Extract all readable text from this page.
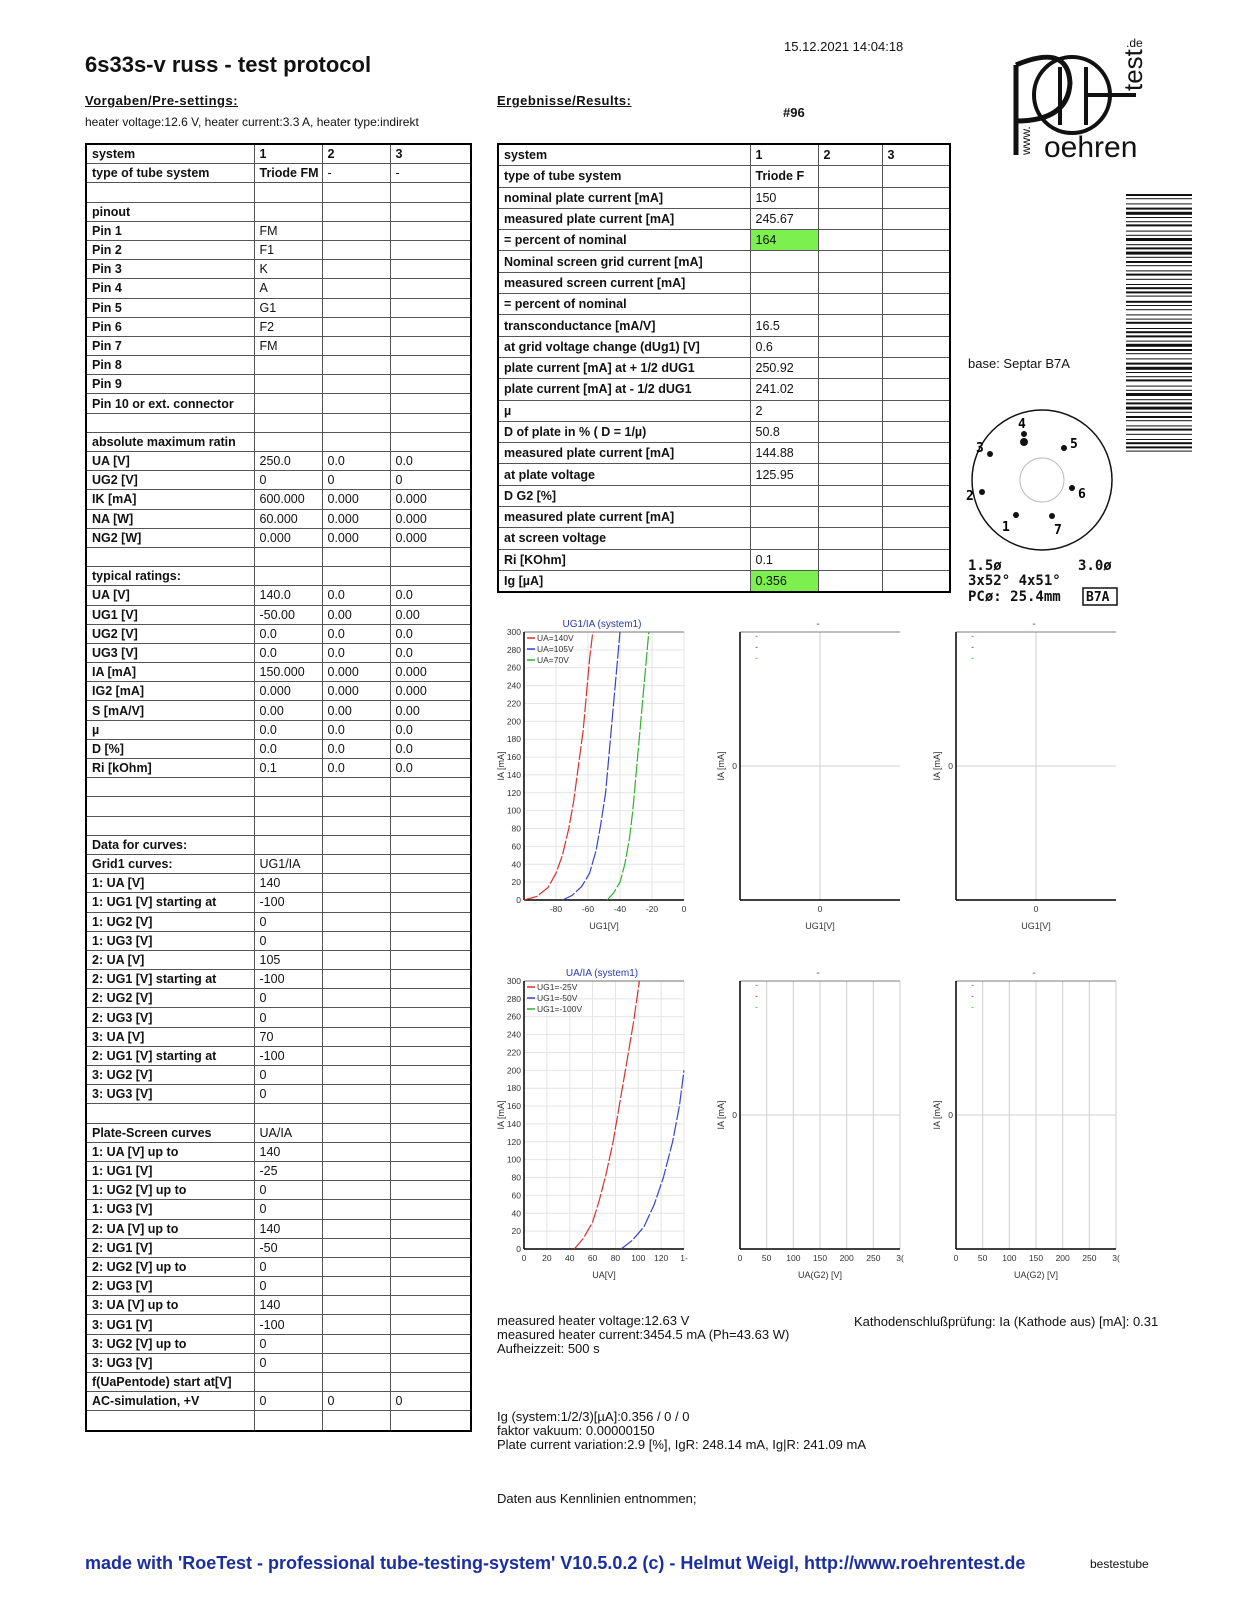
6s33s-v russ - test protocol
15.12.2021 14:04:18
Vorgaben/Pre-settings:
heater voltage:12.6 V, heater current:3.3 A, heater type:indirekt
Ergebnisse/Results:
#96
system	1	2	3
type of tube system	Triode FM	-	-

pinout			
Pin 1	FM		
Pin 2	F1		
Pin 3	K		
Pin 4	A		
Pin 5	G1		
Pin 6	F2		
Pin 7	FM		
Pin 8			
Pin 9			
Pin 10 or ext. connector			

absolute maximum ratin			
UA [V]	250.0	0.0	0.0
UG2 [V]	0	0	0
IK [mA]	600.000	0.000	0.000
NA [W]	60.000	0.000	0.000
NG2 [W]	0.000	0.000	0.000

typical ratings:			
UA [V]	140.0	0.0	0.0
UG1 [V]	-50.00	0.00	0.00
UG2 [V]	0.0	0.0	0.0
UG3 [V]	0.0	0.0	0.0
IA [mA]	150.000	0.000	0.000
IG2 [mA]	0.000	0.000	0.000
S [mA/V]	0.00	0.00	0.00
µ	0.0	0.0	0.0
D [%]	0.0	0.0	0.0
Ri [kOhm]	0.1	0.0	0.0

Data for curves:			
Grid1 curves:	UG1/IA		
1: UA [V]	140		
1: UG1 [V] starting at	-100		
1: UG2 [V]	0		
1: UG3 [V]	0		
2: UA [V]	105		
2: UG1 [V] starting at	-100		
2: UG2 [V]	0		
2: UG3 [V]	0		
3: UA [V]	70		
2: UG1 [V] starting at	-100		
3: UG2 [V]	0		
3: UG3 [V]	0		

Plate-Screen curves	UA/IA		
1: UA [V] up to	140		
1: UG1 [V]	-25		
1: UG2 [V] up to	0		
1: UG3 [V]	0		
2: UA [V] up to	140		
2: UG1 [V]	-50		
2: UG2 [V] up to	0		
2: UG3 [V]	0		
3: UA [V] up to	140		
3: UG1 [V]	-100		
3: UG2 [V] up to	0		
3: UG3 [V]	0		
f(UaPentode) start at[V]			
AC-simulation, +V	0	0	0

system	1	2	3
type of tube system	Triode F		
nominal plate current [mA]	150		
measured plate current [mA]	245.67		
= percent of nominal	164		
Nominal screen grid current [mA]			
measured screen current [mA]			
= percent of nominal			
transconductance [mA/V]	16.5		
at grid voltage change (dUg1) [V]	0.6		
plate current [mA] at + 1/2 dUG1	250.92		
plate current [mA] at - 1/2 dUG1	241.02		
µ	2		
D of plate in % ( D = 1/µ)	50.8		
measured plate current [mA]	144.88		
at plate voltage	125.95		
D G2 [%]			
measured plate current [mA]			
at screen voltage			
Ri [KOhm]	0.1		
Ig [µA]	0.356		
oehren
www.
test
.de
base: Septar B7A
1
2
3
4
5
6
7
1.5ø	3.0ø
3x52° 4x51°
PCø: 25.4mm B7A
UG1/IA (system1)
IA [mA]
UG1[V]
0
20
40
60
80
100
120
140
160
180
200
220
240
260
280
300
-80 -60 -40 -20	0
UA=140V
UA=105V
UA=70V
-
IA [mA]
UG1[V]
0
0
-
-
-
-
IA [mA]
UG1[V]
0
0
-
-
-
UA/IA (system1)
IA [mA]
UA[V]
0
20
40
60
80
100
120
140
160
180
200
220
240
260
280
300
0 20 40 60 80 100 120 1-
UG1=-25V
UG1=-50V
UG1=-100V
-
IA [mA]
UA(G2) [V]
0
0 50 100 150 200 250 3(
-
-
-
-
IA [mA]
UA(G2) [V]
0
0 50 100 150 200 250 3(
-
-
-
measured heater voltage:12.63 V
measured heater current:3454.5 mA (Ph=43.63 W)
Aufheizzeit: 500 s
Kathodenschlußprüfung: Ia (Kathode aus) [mA]: 0.31
Ig (system:1/2/3)[µA]:0.356 / 0 / 0
faktor vakuum: 0.00000150
Plate current variation:2.9 [%], IgR: 248.14 mA, Ig|R: 241.09 mA
Daten aus Kennlinien entnommen;
made with 'RoeTest - professional tube-testing-system' V10.5.0.2 (c) - Helmut Weigl, http://www.roehrentest.de	bestestube
